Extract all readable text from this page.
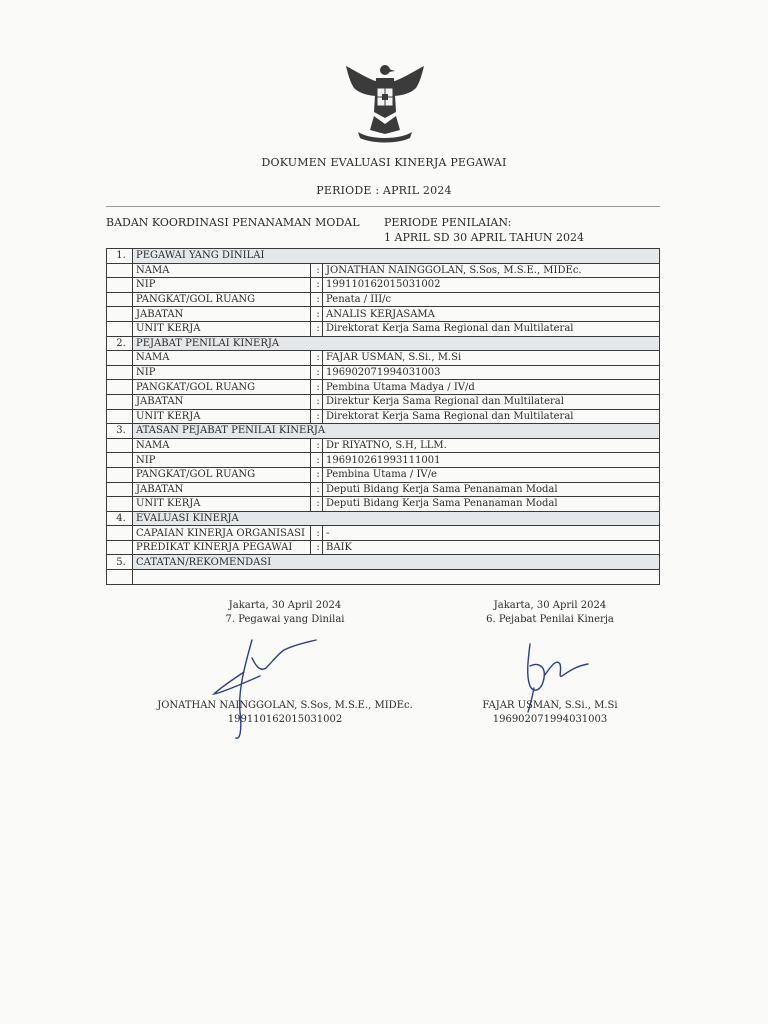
DOKUMEN EVALUASI KINERJA PEGAWAI
PERIODE : APRIL 2024
BADAN KOORDINASI PENANAMAN MODAL PERIODE PENILAIAN:
1 APRIL SD 30 APRIL TAHUN 2024
1.	PEGAWAI YANG DINILAI		
	NAMA	:	JONATHAN NAINGGOLAN, S.Sos, M.S.E., MIDEc.
	NIP	:	199110162015031002
	PANGKAT/GOL RUANG	:	Penata / III/c
	JABATAN	:	ANALIS KERJASAMA
	UNIT KERJA	:	Direktorat Kerja Sama Regional dan Multilateral
2.	PEJABAT PENILAI KINERJA		
	NAMA	:	FAJAR USMAN, S.Si., M.Si
	NIP	:	196902071994031003
	PANGKAT/GOL RUANG	:	Pembina Utama Madya / IV/d
	JABATAN	:	Direktur Kerja Sama Regional dan Multilateral
	UNIT KERJA	:	Direktorat Kerja Sama Regional dan Multilateral
3.	ATASAN PEJABAT PENILAI KINERJA		
	NAMA	:	Dr RIYATNO, S.H, LLM.
	NIP	:	196910261993111001
	PANGKAT/GOL RUANG	:	Pembina Utama / IV/e
	JABATAN	:	Deputi Bidang Kerja Sama Penanaman Modal
	UNIT KERJA	:	Deputi Bidang Kerja Sama Penanaman Modal
4.	EVALUASI KINERJA		
	CAPAIAN KINERJA ORGANISASI	:	-
	PREDIKAT KINERJA PEGAWAI	:	BAIK
5.	CATATAN/REKOMENDASI		

Jakarta, 30 April 2024
7. Pegawai yang Dinilai
JONATHAN NAINGGOLAN, S.Sos, M.S.E., MIDEc.
199110162015031002
Jakarta, 30 April 2024
6. Pejabat Penilai Kinerja
FAJAR USMAN, S.Si., M.Si
196902071994031003
